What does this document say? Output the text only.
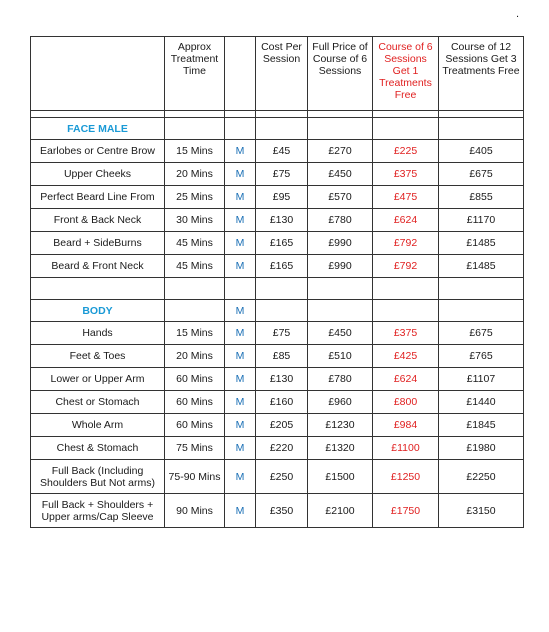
.
	Approx Treatment Time		Cost Per Session	Full Price of Course of 6 Sessions	Course of 6 Sessions Get 1 Treatments Free	Course of 12 Sessions Get 3 Treatments Free

FACE MALE						
Earlobes or Centre Brow	15 Mins	M	£45	£270	£225	£405
Upper Cheeks	20 Mins	M	£75	£450	£375	£675
Perfect Beard Line From	25 Mins	M	£95	£570	£475	£855
Front & Back Neck	30 Mins	M	£130	£780	£624	£1170
Beard + SideBurns	45 Mins	M	£165	£990	£792	£1485
Beard & Front Neck	45 Mins	M	£165	£990	£792	£1485

BODY		M				
Hands	15 Mins	M	£75	£450	£375	£675
Feet & Toes	20 Mins	M	£85	£510	£425	£765
Lower or Upper Arm	60 Mins	M	£130	£780	£624	£1107
Chest or Stomach	60 Mins	M	£160	£960	£800	£1440
Whole Arm	60 Mins	M	£205	£1230	£984	£1845
Chest & Stomach	75 Mins	M	£220	£1320	£1100	£1980
Full Back (Including Shoulders But Not arms)	75-90 Mins	M	£250	£1500	£1250	£2250
Full Back + Shoulders + Upper arms/Cap Sleeve	90 Mins	M	£350	£2100	£1750	£3150
